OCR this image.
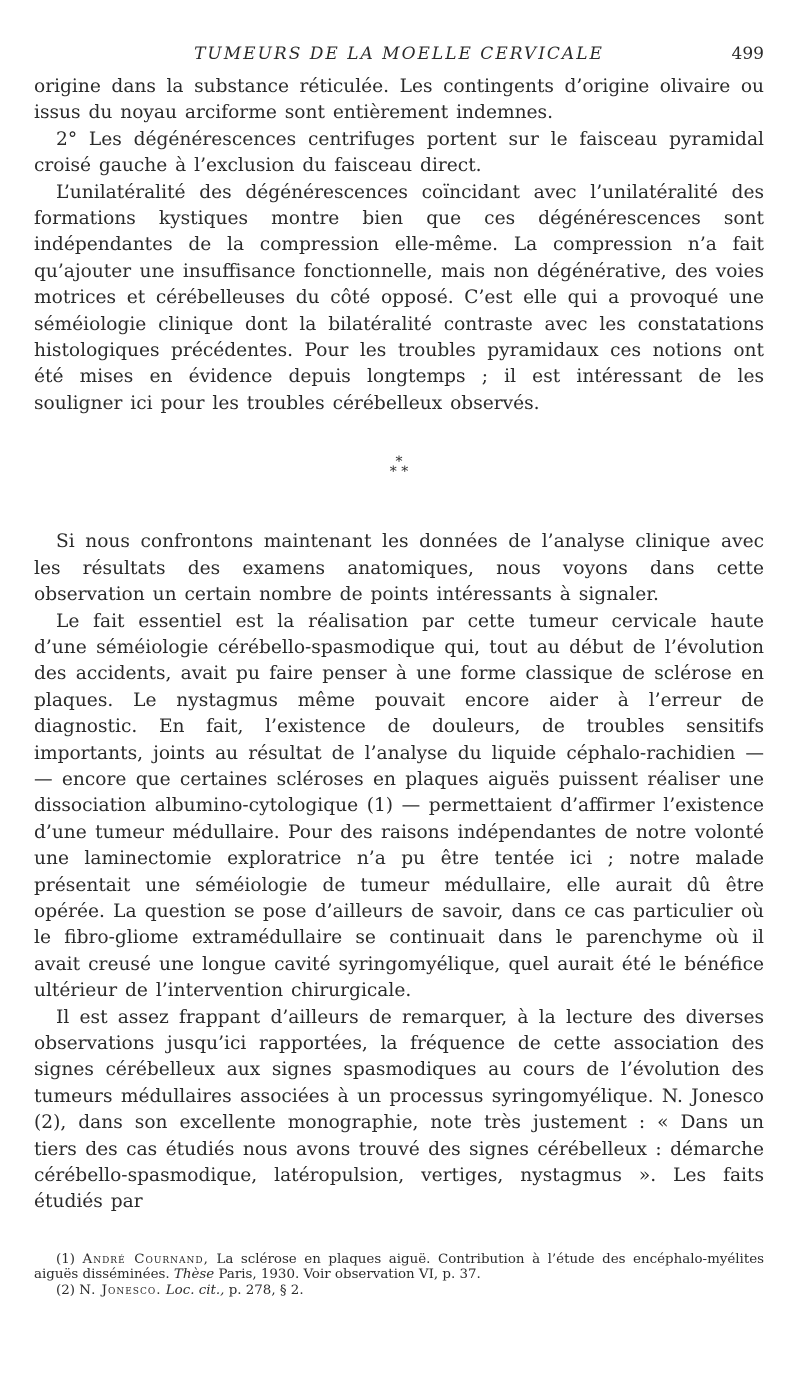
TUMEURS DE LA MOELLE CERVICALE	499

origine dans la substance réticulée. Les contingents d’origine olivaire ou issus du noyau arciforme sont entièrement indemnes.

2° Les dégénérescences centrifuges portent sur le faisceau pyramidal croisé gauche à l’exclusion du faisceau direct.

L’unilatéralité des dégénérescences coïncidant avec l’unilatéralité des formations kystiques montre bien que ces dégénérescences sont indépendantes de la compression elle-même. La compression n’a fait qu’ajouter une insuffisance fonctionnelle, mais non dégénérative, des voies motrices et cérébelleuses du côté opposé. C’est elle qui a provoqué une séméiologie clinique dont la bilatéralité contraste avec les constatations histologiques précédentes. Pour les troubles pyramidaux ces notions ont été mises en évidence depuis longtemps ; il est intéressant de les souligner ici pour les troubles cérébelleux observés.

*
* *

Si nous confrontons maintenant les données de l’analyse clinique avec les résultats des examens anatomiques, nous voyons dans cette observation un certain nombre de points intéressants à signaler.

Le fait essentiel est la réalisation par cette tumeur cervicale haute d’une séméiologie cérébello-spasmodique qui, tout au début de l’évolution des accidents, avait pu faire penser à une forme classique de sclérose en plaques. Le nystagmus même pouvait encore aider à l’erreur de diagnostic. En fait, l’existence de douleurs, de troubles sensitifs importants, joints au résultat de l’analyse du liquide céphalo-rachidien — — encore que certaines scléroses en plaques aiguës puissent réaliser une dissociation albumino-cytologique (1) — permettaient d’affirmer l’existence d’une tumeur médullaire. Pour des raisons indépendantes de notre volonté une laminectomie exploratrice n’a pu être tentée ici ; notre malade présentait une séméiologie de tumeur médullaire, elle aurait dû être opérée. La question se pose d’ailleurs de savoir, dans ce cas particulier où le fibro-gliome extramédullaire se continuait dans le parenchyme où il avait creusé une longue cavité syringomyélique, quel aurait été le bénéfice ultérieur de l’intervention chirurgicale.

Il est assez frappant d’ailleurs de remarquer, à la lecture des diverses observations jusqu’ici rapportées, la fréquence de cette association des signes cérébelleux aux signes spasmodiques au cours de l’évolution des tumeurs médullaires associées à un processus syringomyélique. N. Jonesco (2), dans son excellente monographie, note très justement : « Dans un tiers des cas étudiés nous avons trouvé des signes cérébelleux : démarche cérébello-spasmodique, latéropulsion, vertiges, nystagmus ». Les faits étudiés par

(1) André Cournand, La sclérose en plaques aiguë. Contribution à l’étude des encéphalo-myélites aiguës disséminées. Thèse Paris, 1930. Voir observation VI, p. 37.
(2) N. Jonesco. Loc. cit., p. 278, § 2.
